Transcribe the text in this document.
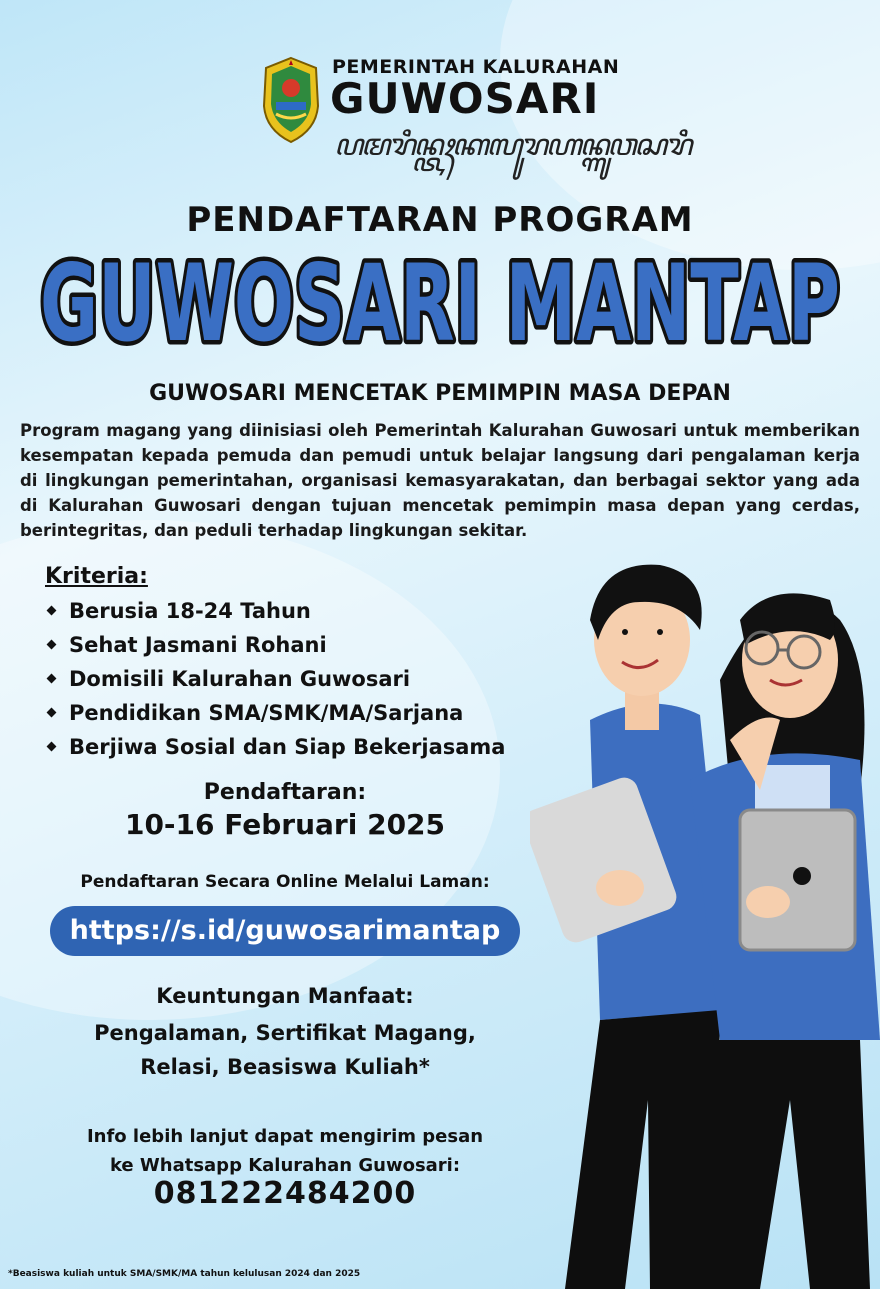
PEMERINTAH KALURAHAN
GUWOSARI
ꦥꦩꦫꦶꦤ꧀ꦠꦃꦏꦭꦸꦫꦲꦤ꧀ꦒꦸꦮꦱꦫꦶ
PENDAFTARAN PROGRAM
GUWOSARI MANTAP
GUWOSARI MENCETAK PEMIMPIN MASA DEPAN
Program magang yang diinisiasi oleh Pemerintah Kalurahan Guwosari untuk memberikan kesempatan kepada pemuda dan pemudi untuk belajar langsung dari pengalaman kerja di lingkungan pemerintahan, organisasi kemasyarakatan, dan berbagai sektor yang ada di Kalurahan Guwosari dengan tujuan mencetak pemimpin masa depan yang cerdas, berintegritas, dan peduli terhadap lingkungan sekitar.
Kriteria:
Berusia 18-24 Tahun
Sehat Jasmani Rohani
Domisili Kalurahan Guwosari
Pendidikan SMA/SMK/MA/Sarjana
Berjiwa Sosial dan Siap Bekerjasama
Pendaftaran:
10-16 Februari 2025
Pendaftaran Secara Online Melalui Laman:
https://s.id/guwosarimantap
Keuntungan Manfaat:
Pengalaman, Sertifikat Magang,
Relasi, Beasiswa Kuliah*
Info lebih lanjut dapat mengirim pesan
ke Whatsapp Kalurahan Guwosari:
081222484200
*Beasiswa kuliah untuk SMA/SMK/MA tahun kelulusan 2024 dan 2025
